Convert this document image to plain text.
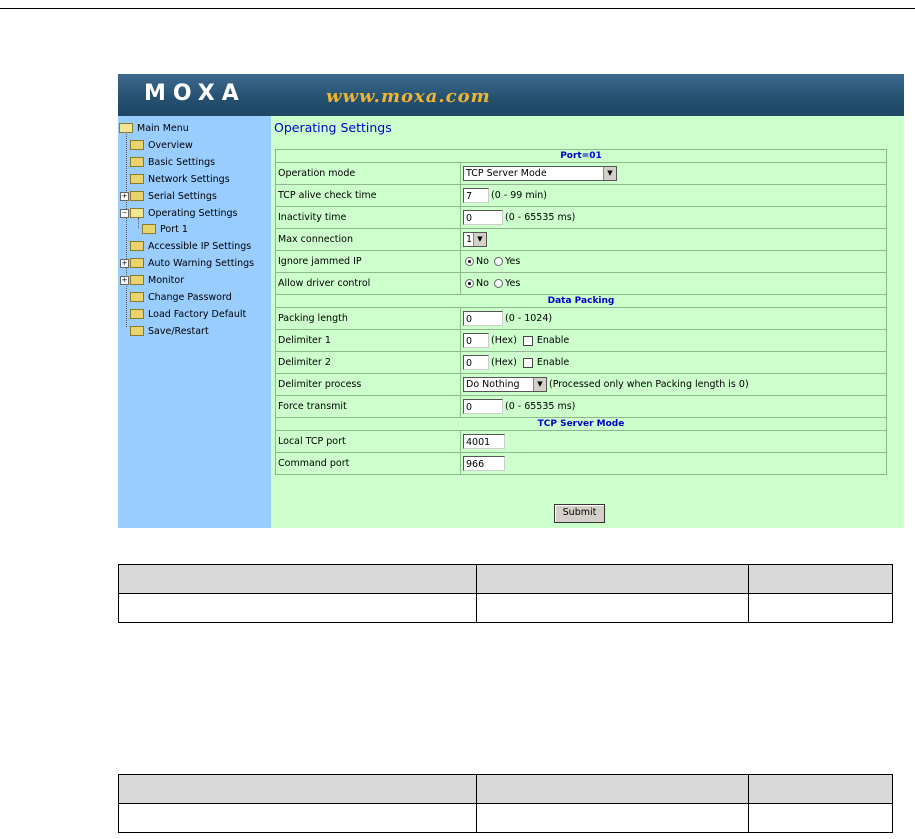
MOXA	www.moxa.com
Main Menu
Overview
Basic Settings
Network Settings
+ Serial Settings
− Operating Settings
Port 1
Accessible IP Settings
+ Auto Warning Settings
+ Monitor
Change Password
Load Factory Default
Save/Restart
Operating Settings
Port=01	
Operation mode	TCP Server Mode ▼

TCP alive check time	7 (0 - 99 min)
Inactivity time	0 (0 - 65535 ms)
Max connection	1 ▼

Ignore jammed IP	No Yes
Allow driver control	No Yes
Data Packing	
Packing length	0 (0 - 1024)
Delimiter 1	0 (Hex) Enable
Delimiter 2	0 (Hex) Enable
Delimiter process	Do Nothing ▼ (Processed only when Packing length is 0)
Force transmit	0 (0 - 65535 ms)
TCP Server Mode	
Local TCP port	4001
Command port	966
Submit
